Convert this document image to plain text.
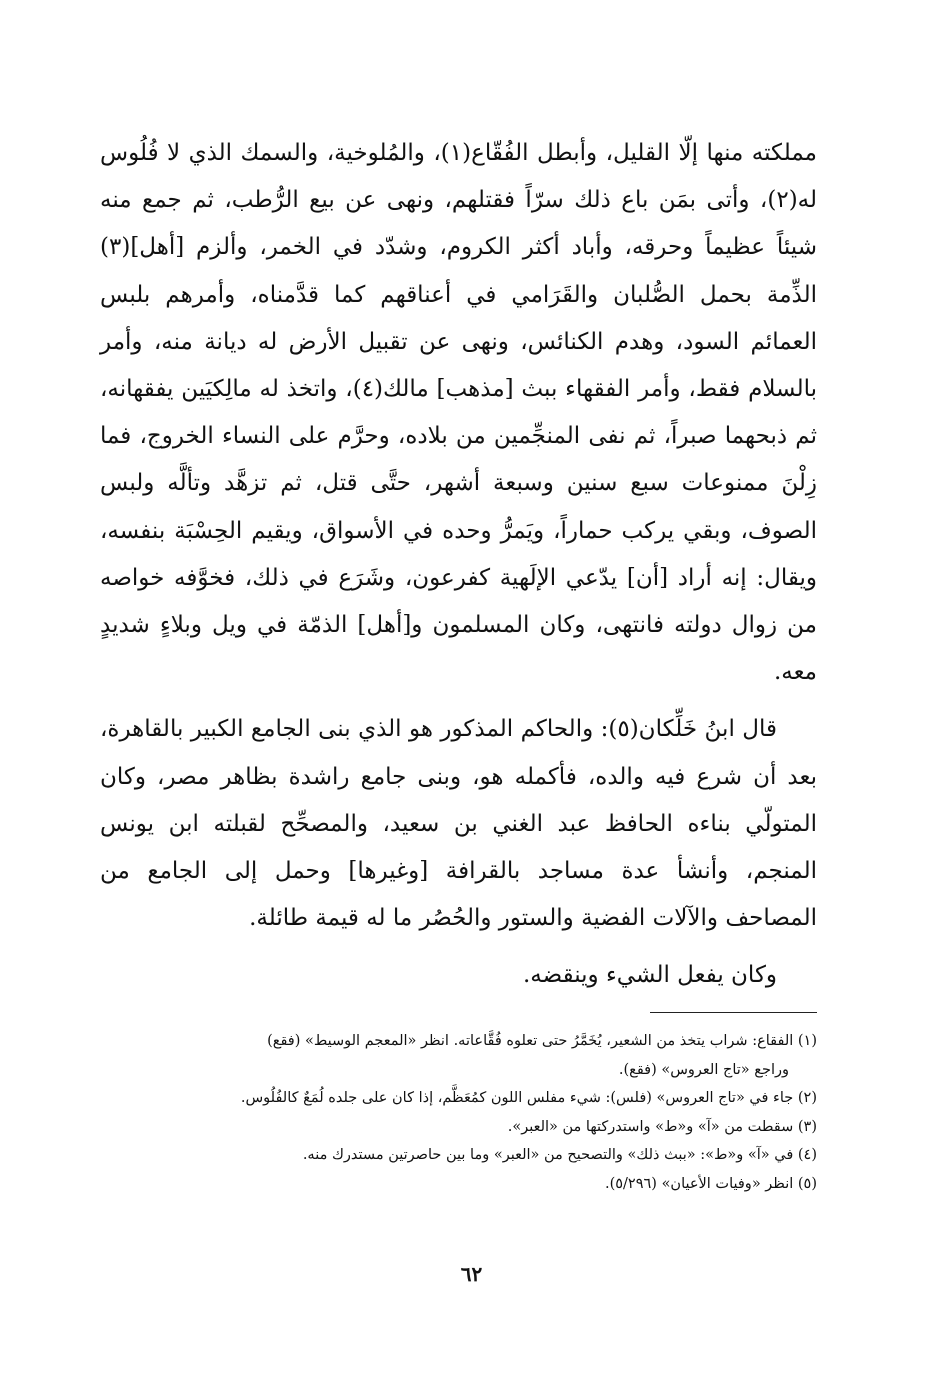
مملكته منها إلّا القليل، وأبطل الفُقّاع(١)، والمُلوخية، والسمك الذي لا فُلُوس له(٢)، وأتى بمَن باع ذلك سرّاً فقتلهم، ونهى عن بيع الرُّطب، ثم جمع منه شيئاً عظيماً وحرقه، وأباد أكثر الكروم، وشدّد في الخمر، وألزم [أهل](٣) الذِّمة بحمل الصُّلبان والقَرَامي في أعناقهم كما قدَّمناه، وأمرهم بلبس العمائم السود، وهدم الكنائس، ونهى عن تقبيل الأرض له ديانة منه، وأمر بالسلام فقط، وأمر الفقهاء ببث [مذهب] مالك(٤)، واتخذ له مالِكيَين يفقهانه، ثم ذبحهما صبراً، ثم نفى المنجِّمين من بلاده، وحرَّم على النساء الخروج، فما زِلْنَ ممنوعات سبع سنين وسبعة أشهر، حتَّى قتل، ثم تزهَّد وتألَّه ولبس الصوف، وبقي يركب حماراً، ويَمرُّ وحده في الأسواق، ويقيم الحِسْبَة بنفسه، ويقال: إنه أراد [أن] يدّعي الإلَهية كفرعون، وشَرَع في ذلك، فخوَّفه خواصه من زوال دولته فانتهى، وكان المسلمون و[أهل] الذمّة في ويل وبلاءٍ شديدٍ معه.

قال ابنُ خَلِّكان(٥): والحاكم المذكور هو الذي بنى الجامع الكبير بالقاهرة، بعد أن شرع فيه والده، فأكمله هو، وبنى جامع راشدة بظاهر مصر، وكان المتولّي بناءه الحافظ عبد الغني بن سعيد، والمصحِّح لقبلته ابن يونس المنجم، وأنشأ عدة مساجد بالقرافة [وغيرها] وحمل إلى الجامع من المصاحف والآلات الفضية والستور والحُصُر ما له قيمة طائلة.

وكان يفعل الشيء وينقضه.

(١) الفقاع: شراب يتخذ من الشعير، يُخَمَّرُ حتى تعلوه فُقَّاعاته. انظر «المعجم الوسيط» (فقع)

وراجع «تاج العروس» (فقع).

(٢) جاء في «تاج العروس» (فلس): شيء مفلس اللون كمُعَظَّم، إذا كان على جلده لُمَعٌ كالفُلُوس.

(٣) سقطت من «آ» و«ط» واستدركتها من «العبر».

(٤) في «آ» و«ط»: «ببث ذلك» والتصحيح من «العبر» وما بين حاصرتين مستدرك منه.

(٥) انظر «وفيات الأعيان» (٥/٢٩٦).

٦٢
